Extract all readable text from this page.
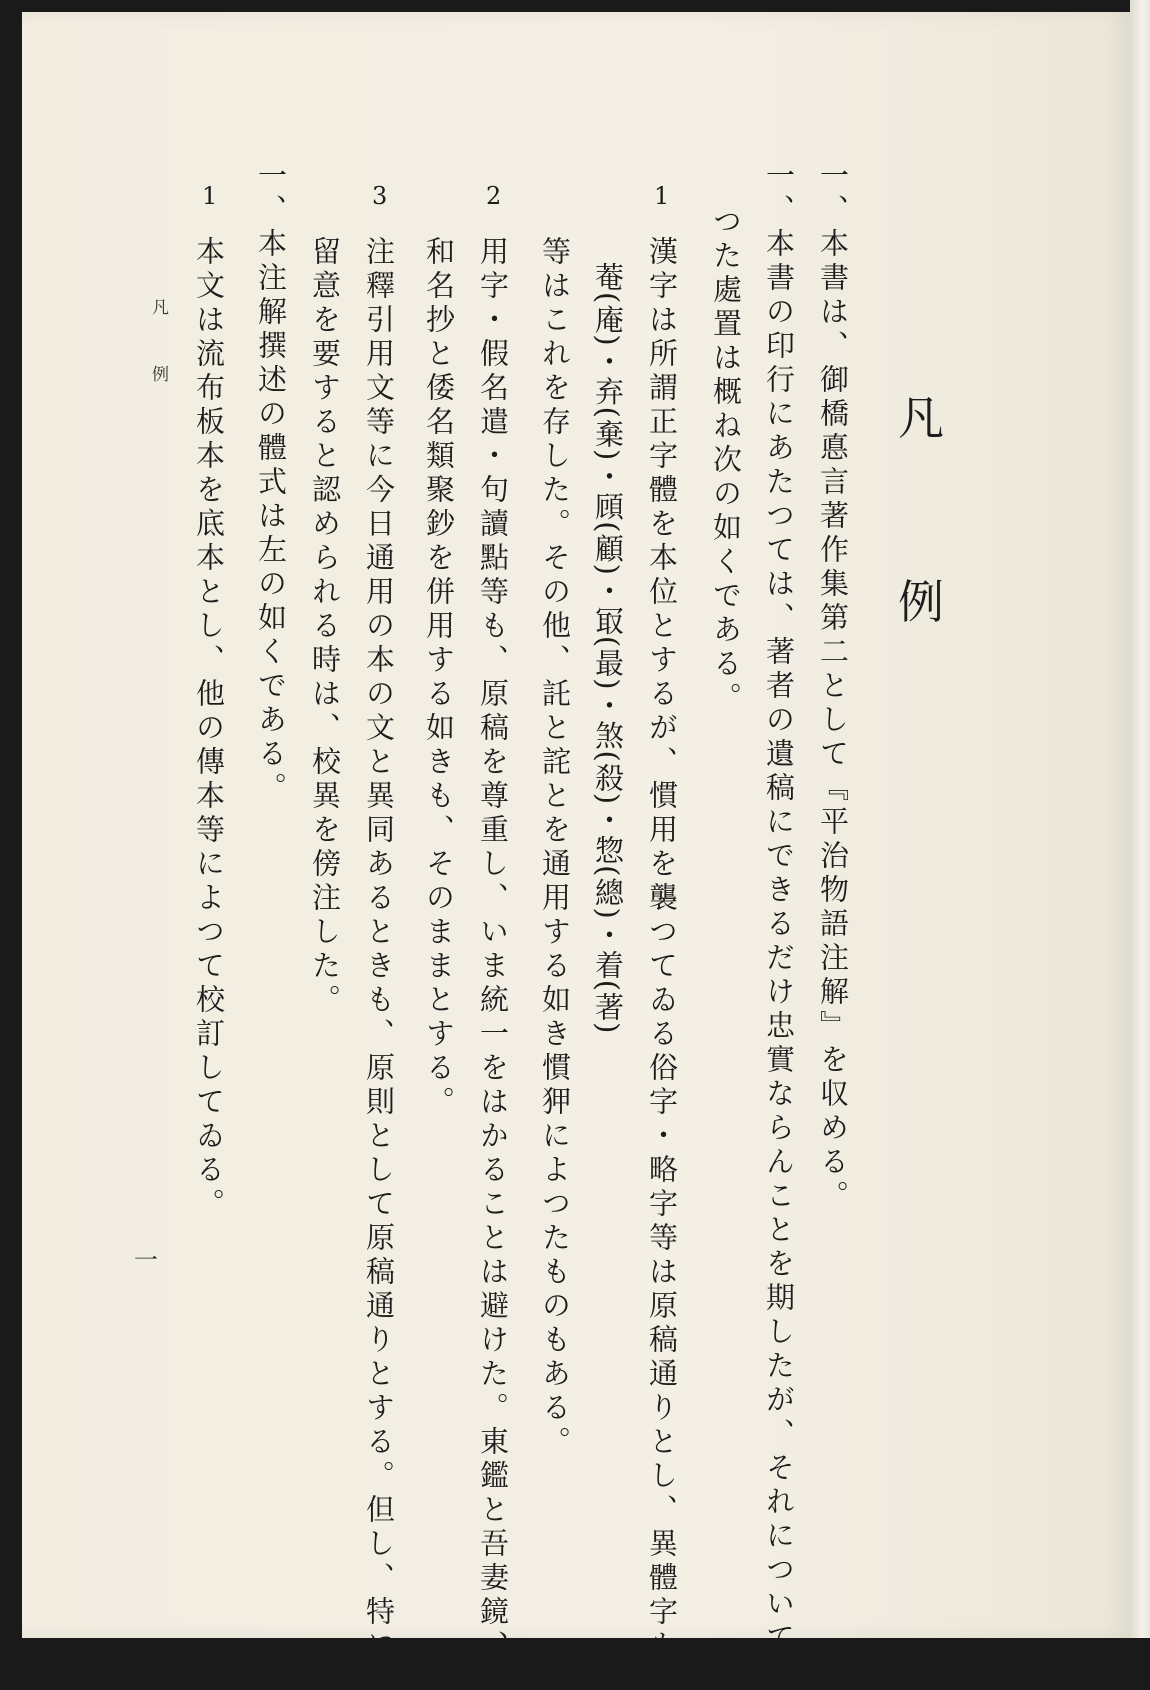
凡
例

一、本書は、御橋悳言著作集第二として『平治物語注解』を収める。

一、本書の印行にあたつては、著者の遺稿にできるだけ忠實ならんことを期したが、それについてと

つた處置は概ね次の如くである。

1

漢字は所謂正字體を本位とするが、慣用を襲つてゐる俗字・略字等は原稿通りとし、異體字も

菴(庵)・弃(棄)・頋(顧)・冣(最)・煞(殺)・惣(總)・着(著)

等はこれを存した。その他、託と詫とを通用する如き慣狎によつたものもある。

2

用字・假名遣・句讀點等も、原稿を尊重し、いま統一をはかることは避けた。東鑑と吾妻鏡、

和名抄と倭名類聚鈔を併用する如きも、そのままとする。

3

注釋引用文等に今日通用の本の文と異同あるときも、原則として原稿通りとする。但し、特に

留意を要すると認められる時は、校異を傍注した。

一、本注解撰述の體式は左の如くである。

1

本文は流布板本を底本とし、他の傳本等によつて校訂してゐる。

凡例
一
